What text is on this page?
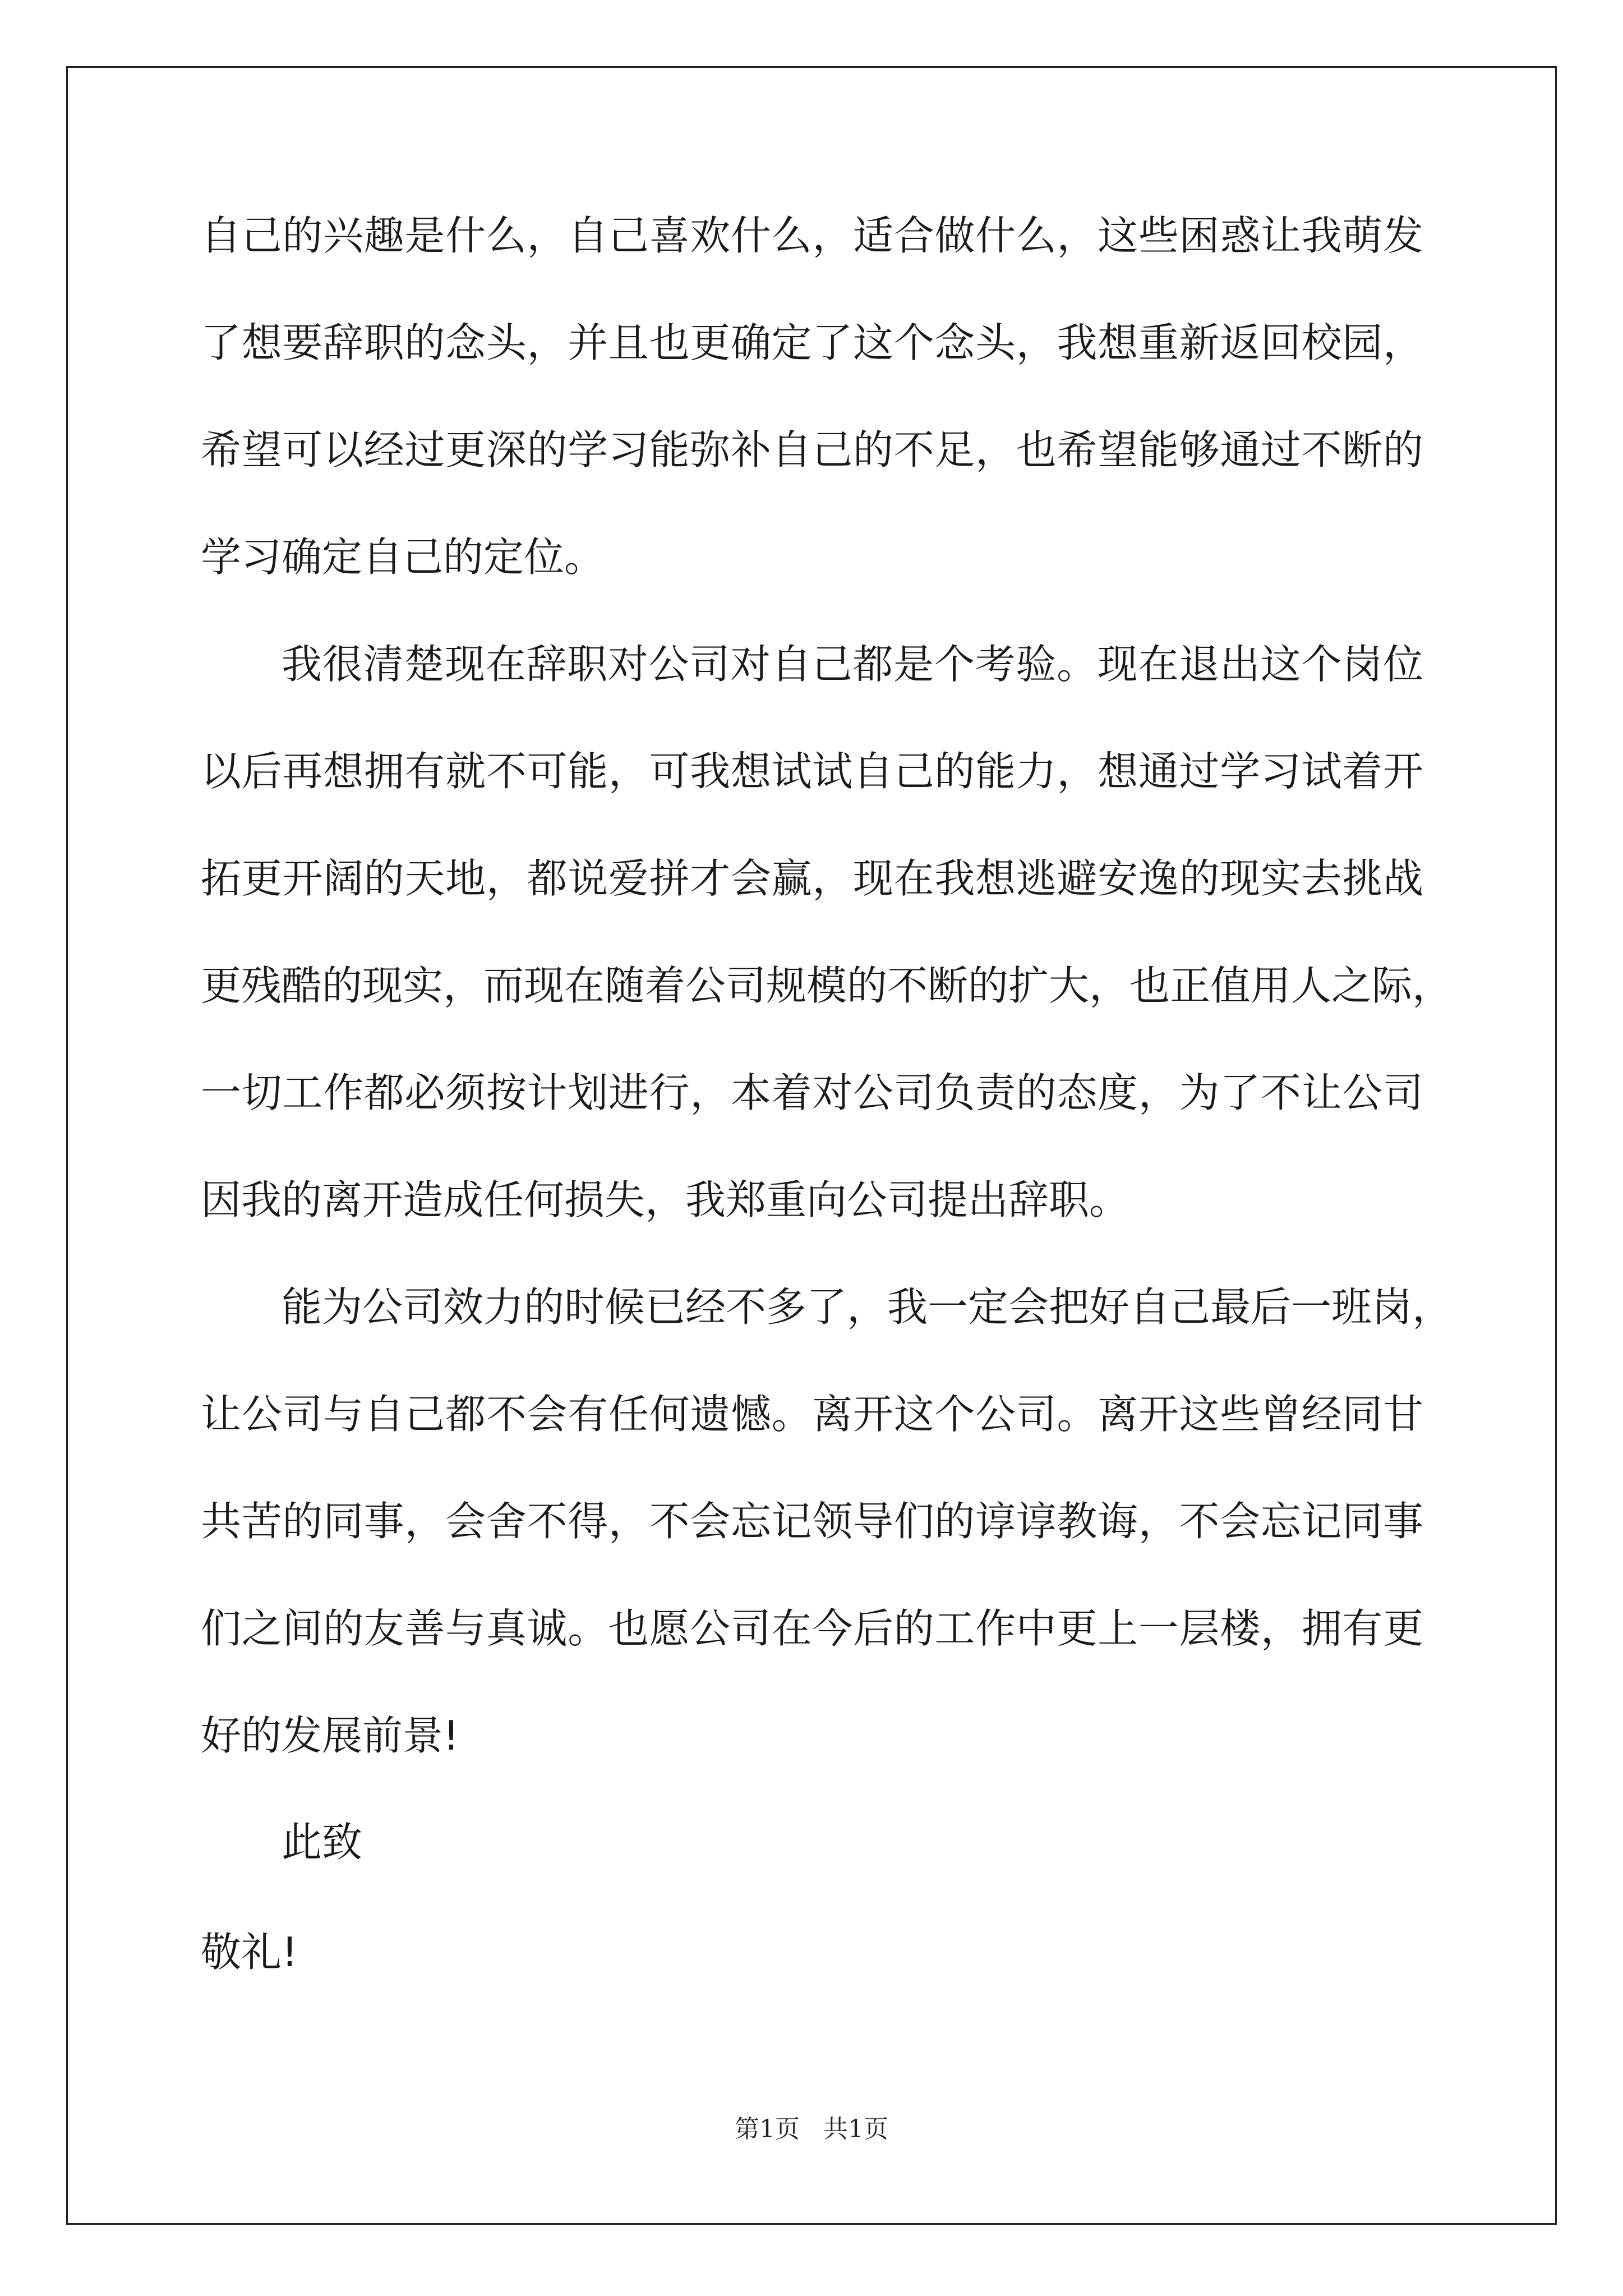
自己的兴趣是什么，自己喜欢什么，适合做什么，这些困惑让我萌发
了想要辞职的念头，并且也更确定了这个念头，我想重新返回校园，
希望可以经过更深的学习能弥补自己的不足，也希望能够通过不断的
学习确定自己的定位。
我很清楚现在辞职对公司对自己都是个考验。现在退出这个岗位
以后再想拥有就不可能，可我想试试自己的能力，想通过学习试着开
拓更开阔的天地，都说爱拼才会赢，现在我想逃避安逸的现实去挑战
更残酷的现实，而现在随着公司规模的不断的扩大，也正值用人之际，
一切工作都必须按计划进行，本着对公司负责的态度，为了不让公司
因我的离开造成任何损失，我郑重向公司提出辞职。
能为公司效力的时候已经不多了，我一定会把好自己最后一班岗，
让公司与自己都不会有任何遗憾。离开这个公司。离开这些曾经同甘
共苦的同事，会舍不得，不会忘记领导们的谆谆教诲，不会忘记同事
们之间的友善与真诚。也愿公司在今后的工作中更上一层楼，拥有更
好的发展前景!
此致
敬礼!
第1页 共1页
